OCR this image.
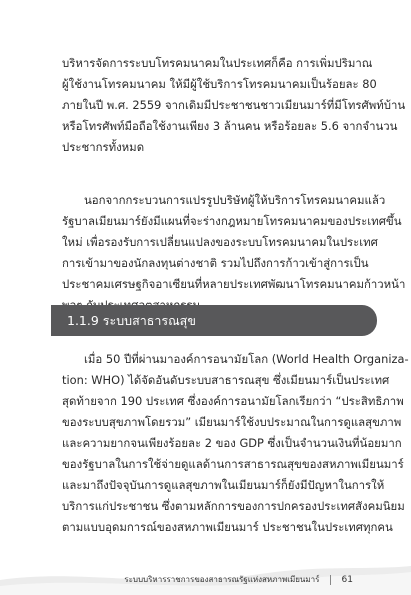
บริหารจัดการระบบโทรคมนาคมในประเทศก็คือ การเพิ่มปริมาณ
ผู้ใช้งานโทรคมนาคม ให้มีผู้ใช้บริการโทรคมนาคมเป็นร้อยละ 80
ภายในปี พ.ศ. 2559 จากเดิมมีประชาชนชาวเมียนมาร์ที่มีโทรศัพท์บ้าน
หรือโทรศัพท์มือถือใช้งานเพียง 3 ล้านคน หรือร้อยละ 5.6 จากจำนวน
ประชากรทั้งหมด
นอกจากกระบวนการแปรรูปบริษัทผู้ให้บริการโทรคมนาคมแล้ว
รัฐบาลเมียนมาร์ยังมีแผนที่จะร่างกฎหมายโทรคมนาคมของประเทศขึ้น
ใหม่ เพื่อรองรับการเปลี่ยนแปลงของระบบโทรคมนาคมในประเทศ
การเข้ามาของนักลงทุนต่างชาติ รวมไปถึงการก้าวเข้าสู่การเป็น
ประชาคมเศรษฐกิจอาเซียนที่หลายประเทศพัฒนาโทรคมนาคมก้าวหน้า
1.1.9 ระบบสาธารณสุข
เมื่อ 50 ปีที่ผ่านมาองค์การอนามัยโลก (World Health Organiza-
tion: WHO) ได้จัดอันดับระบบสาธารณสุข ซึ่งเมียนมาร์เป็นประเทศ
สุดท้ายจาก 190 ประเทศ ซึ่งองค์การอนามัยโลกเรียกว่า “ประสิทธิภาพ
ของระบบสุขภาพโดยรวม” เมียนมาร์ใช้งบประมาณในการดูแลสุขภาพ
และความยากจนเพียงร้อยละ 2 ของ GDP ซึ่งเป็นจำนวนเงินที่น้อยมาก
ของรัฐบาลในการใช้จ่ายดูแลด้านการสาธารณสุขของสหภาพเมียนมาร์
และมาถึงปัจจุบันการดูแลสุขภาพในเมียนมาร์ก็ยังมีปัญหาในการให้
บริการแก่ประชาชน ซึ่งตามหลักการของการปกครองประเทศสังคมนิยม
ตามแบบอุดมการณ์ของสหภาพเมียนมาร์ ประชาชนในประเทศทุกคน
ระบบบริหารราชการของสาธารณรัฐแห่งสหภาพเมียนมาร์ 61
